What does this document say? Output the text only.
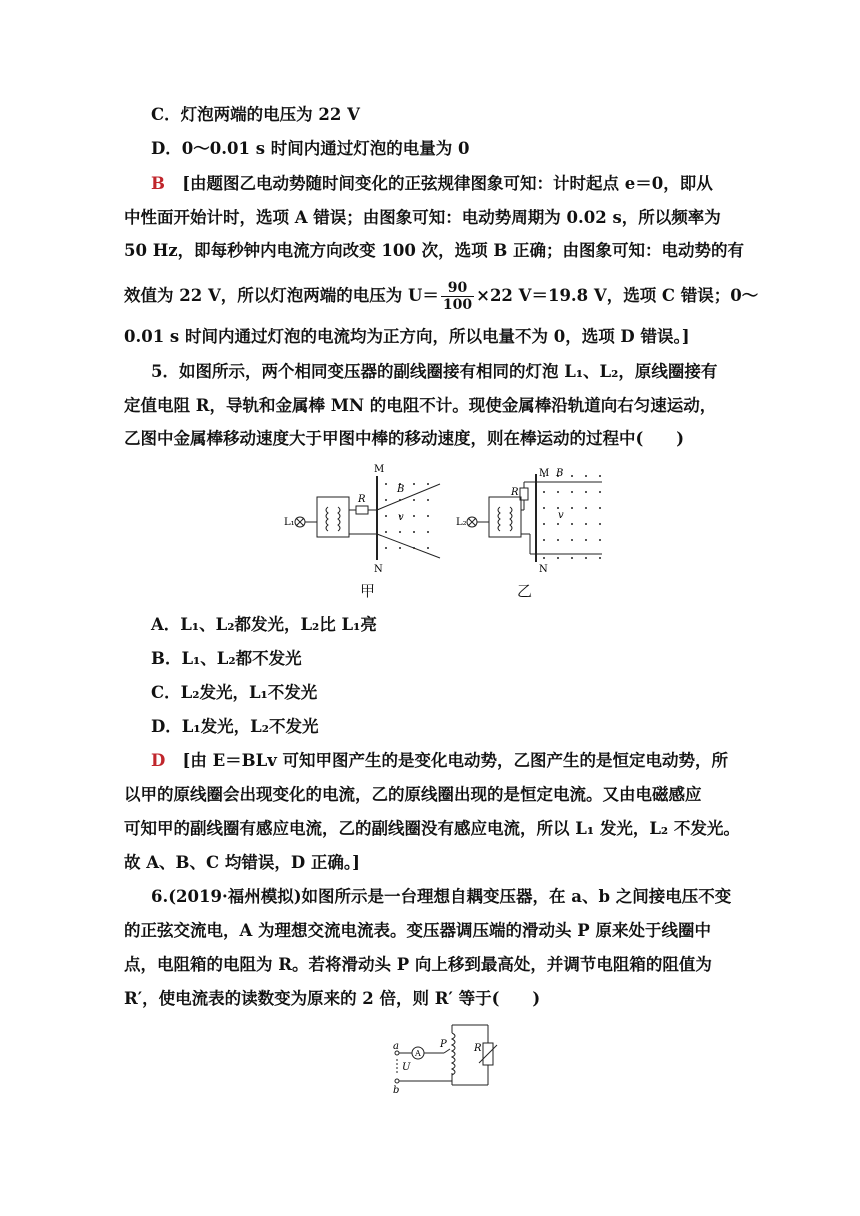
C．灯泡两端的电压为 22 V
D．0～0.01 s 时间内通过灯泡的电量为 0
B [由题图乙电动势随时间变化的正弦规律图象可知：计时起点 e＝0，即从
中性面开始计时，选项 A 错误；由图象可知：电动势周期为 0.02 s，所以频率为
50 Hz，即每秒钟内电流方向改变 100 次，选项 B 正确；由图象可知：电动势的有
效值为 22 V，所以灯泡两端的电压为 $U= \frac{90}{100} \times 22$ V＝19.8 V，选项 C 错误；0～
0.01 s 时间内通过灯泡的电流均为正方向，所以电量不为 0，选项 D 错误。]
5．如图所示，两个相同变压器的副线圈接有相同的灯泡 L₁、L₂，原线圈接有
定值电阻 R，导轨和金属棒 MN 的电阻不计。现使金属棒沿轨道向右匀速运动，
乙图中金属棒移动速度大于甲图中棒的移动速度，则在棒运动的过程中(　　)
L₁
R
M
N
B
v	L₂
R
M B
v
N
甲	乙
A．L₁、L₂都发光，L₂比 L₁亮
B．L₁、L₂都不发光
C．L₂发光，L₁不发光
D．L₁发光，L₂不发光
D [由 E＝BLv 可知甲图产生的是变化电动势，乙图产生的是恒定电动势，所
以甲的原线圈会出现变化的电流，乙的原线圈出现的是恒定电流。又由电磁感应
可知甲的副线圈有感应电流，乙的副线圈没有感应电流，所以 L₁ 发光，L₂ 不发光。
故 A、B、C 均错误，D 正确。]
6.(2019·福州模拟)如图所示是一台理想自耦变压器，在 a、b 之间接电压不变
的正弦交流电，A 为理想交流电流表。变压器调压端的滑动头 P 原来处于线圈中
点，电阻箱的电阻为 R。若将滑动头 P 向上移到最高处，并调节电阻箱的阻值为
R′，使电流表的读数变为原来的 2 倍，则 R′ 等于(　　)
a
b
A
U
P	R
